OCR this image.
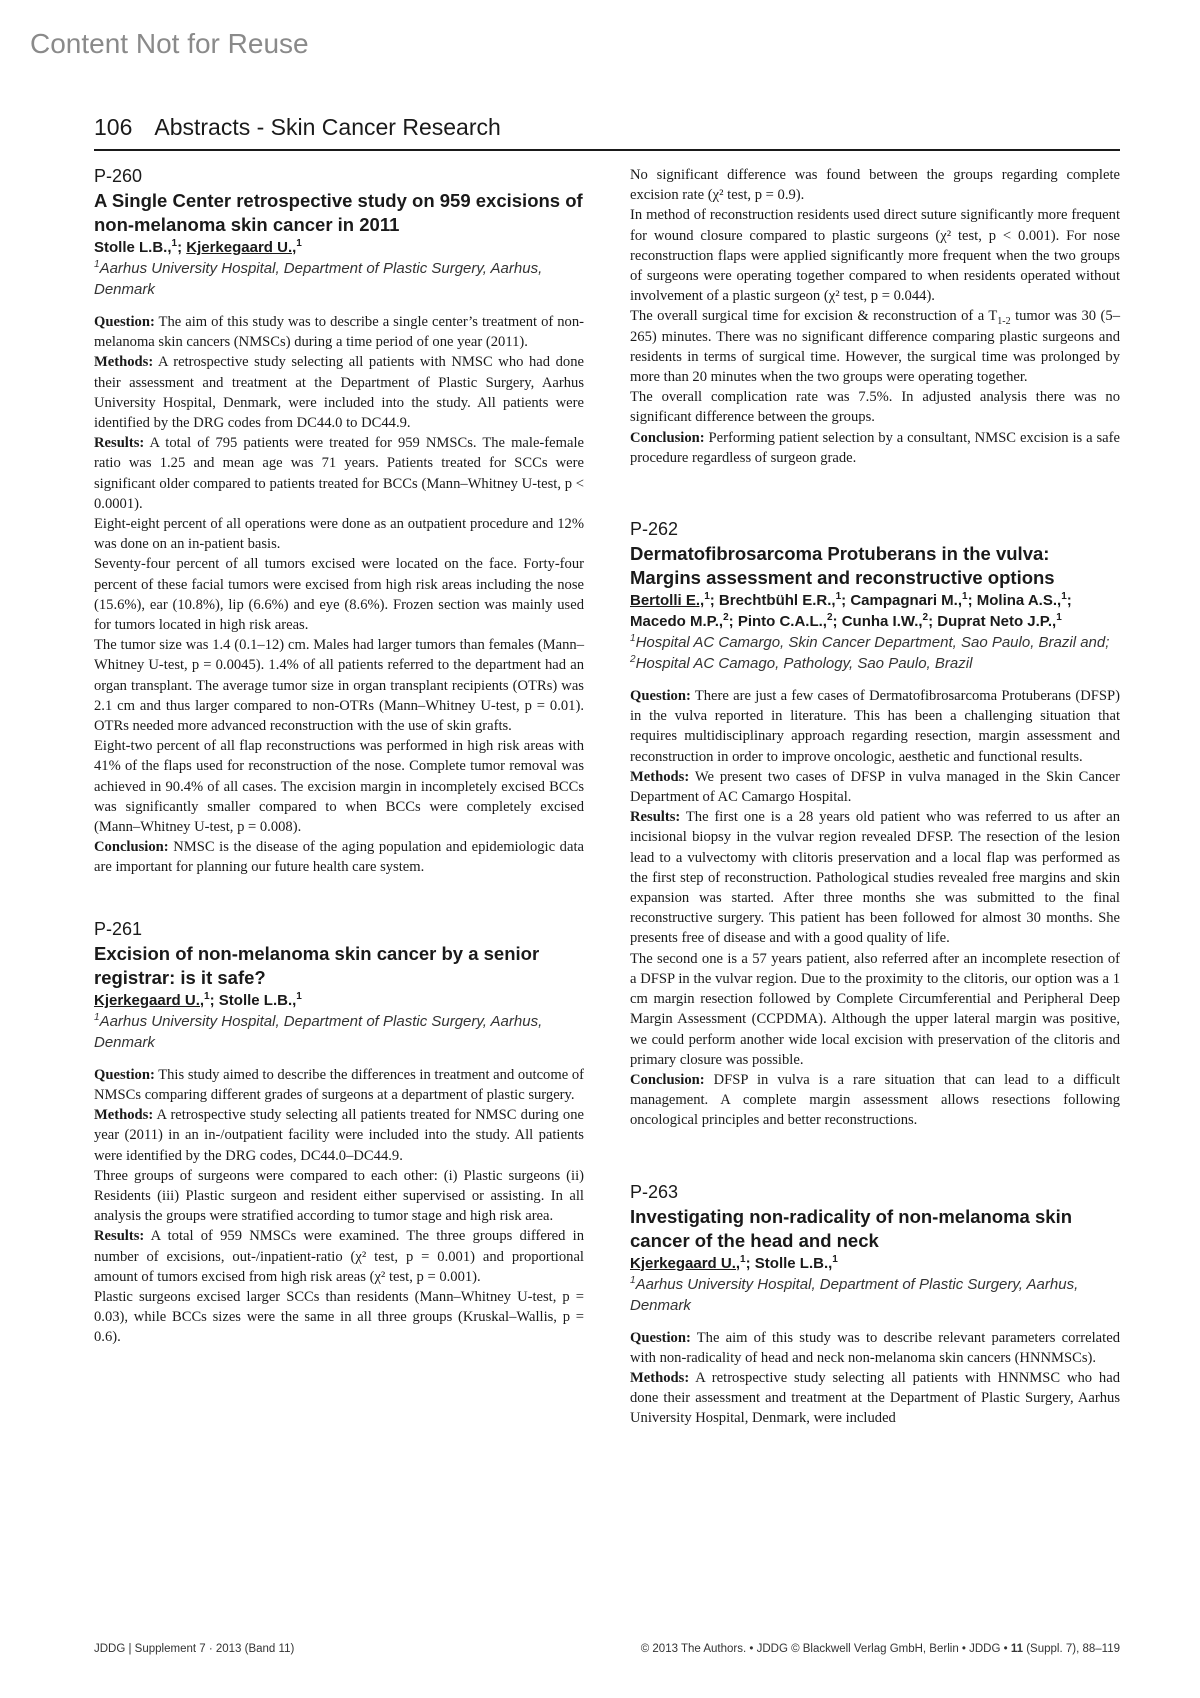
Content Not for Reuse
106 Abstracts - Skin Cancer Research
P-260
A Single Center retrospective study on 959 excisions of non-melanoma skin cancer in 2011
Stolle L.B.,$^1$; Kjerkegaard U.,$^1$
$^1$Aarhus University Hospital, Department of Plastic Surgery, Aarhus, Denmark

Question: The aim of this study was to describe a single center’s treatment of non-melanoma skin cancers (NMSCs) during a time period of one year (2011).

Methods: A retrospective study selecting all patients with NMSC who had done their assessment and treatment at the Department of Plastic Surgery, Aarhus University Hospital, Denmark, were included into the study. All patients were identified by the DRG codes from DC44.0 to DC44.9.

Results: A total of 795 patients were treated for 959 NMSCs. The male-female ratio was 1.25 and mean age was 71 years. Patients treated for SCCs were significant older compared to patients treated for BCCs (Mann–Whitney U-test, p < 0.0001).

Eight-eight percent of all operations were done as an outpatient procedure and 12% was done on an in-patient basis.

Seventy-four percent of all tumors excised were located on the face. Forty-four percent of these facial tumors were excised from high risk areas including the nose (15.6%), ear (10.8%), lip (6.6%) and eye (8.6%). Frozen section was mainly used for tumors located in high risk areas.

The tumor size was 1.4 (0.1–12) cm. Males had larger tumors than females (Mann–Whitney U-test, p = 0.0045). 1.4% of all patients referred to the department had an organ transplant. The average tumor size in organ transplant recipients (OTRs) was 2.1 cm and thus larger compared to non-OTRs (Mann–Whitney U-test, p = 0.01). OTRs needed more advanced reconstruction with the use of skin grafts.

Eight-two percent of all flap reconstructions was performed in high risk areas with 41% of the flaps used for reconstruction of the nose. Complete tumor removal was achieved in 90.4% of all cases. The excision margin in incompletely excised BCCs was significantly smaller compared to when BCCs were completely excised (Mann–Whitney U-test, p = 0.008).

Conclusion: NMSC is the disease of the aging population and epidemiologic data are important for planning our future health care system.

P-261
Excision of non-melanoma skin cancer by a senior registrar: is it safe?
Kjerkegaard U.,$^1$; Stolle L.B.,$^1$
$^1$Aarhus University Hospital, Department of Plastic Surgery, Aarhus, Denmark

Question: This study aimed to describe the differences in treatment and outcome of NMSCs comparing different grades of surgeons at a department of plastic surgery.

Methods: A retrospective study selecting all patients treated for NMSC during one year (2011) in an in-/outpatient facility were included into the study. All patients were identified by the DRG codes, DC44.0–DC44.9.

Three groups of surgeons were compared to each other: (i) Plastic surgeons (ii) Residents (iii) Plastic surgeon and resident either supervised or assisting. In all analysis the groups were stratified according to tumor stage and high risk area.

Results: A total of 959 NMSCs were examined. The three groups differed in number of excisions, out-/inpatient-ratio (χ² test, p = 0.001) and proportional amount of tumors excised from high risk areas (χ² test, p = 0.001).

Plastic surgeons excised larger SCCs than residents (Mann–Whitney U-test, p = 0.03), while BCCs sizes were the same in all three groups (Kruskal–Wallis, p = 0.6).

No significant difference was found between the groups regarding complete excision rate (χ² test, p = 0.9).

In method of reconstruction residents used direct suture significantly more frequent for wound closure compared to plastic surgeons (χ² test, p < 0.001). For nose reconstruction flaps were applied significantly more frequent when the two groups of surgeons were operating together compared to when residents operated without involvement of a plastic surgeon (χ² test, p = 0.044).

The overall surgical time for excision & reconstruction of a $T_{1-2}$ tumor was 30 (5–265) minutes. There was no significant difference comparing plastic surgeons and residents in terms of surgical time. However, the surgical time was prolonged by more than 20 minutes when the two groups were operating together.

The overall complication rate was 7.5%. In adjusted analysis there was no significant difference between the groups.

Conclusion: Performing patient selection by a consultant, NMSC excision is a safe procedure regardless of surgeon grade.

P-262
Dermatofibrosarcoma Protuberans in the vulva: Margins assessment and reconstructive options
Bertolli E.,$^1$; Brechtbühl E.R.,$^1$; Campagnari M.,$^1$; Molina A.S.,$^1$; Macedo M.P.,$^2$; Pinto C.A.L.,$^2$; Cunha I.W.,$^2$; Duprat Neto J.P.,$^1$
$^1$Hospital AC Camargo, Skin Cancer Department, Sao Paulo, Brazil and; $^2$Hospital AC Camago, Pathology, Sao Paulo, Brazil

Question: There are just a few cases of Dermatofibrosarcoma Protuberans (DFSP) in the vulva reported in literature. This has been a challenging situation that requires multidisciplinary approach regarding resection, margin assessment and reconstruction in order to improve oncologic, aesthetic and functional results.

Methods: We present two cases of DFSP in vulva managed in the Skin Cancer Department of AC Camargo Hospital.

Results: The first one is a 28 years old patient who was referred to us after an incisional biopsy in the vulvar region revealed DFSP. The resection of the lesion lead to a vulvectomy with clitoris preservation and a local flap was performed as the first step of reconstruction. Pathological studies revealed free margins and skin expansion was started. After three months she was submitted to the final reconstructive surgery. This patient has been followed for almost 30 months. She presents free of disease and with a good quality of life.

The second one is a 57 years patient, also referred after an incomplete resection of a DFSP in the vulvar region. Due to the proximity to the clitoris, our option was a 1 cm margin resection followed by Complete Circumferential and Peripheral Deep Margin Assessment (CCPDMA). Although the upper lateral margin was positive, we could perform another wide local excision with preservation of the clitoris and primary closure was possible.

Conclusion: DFSP in vulva is a rare situation that can lead to a difficult management. A complete margin assessment allows resections following oncological principles and better reconstructions.

P-263
Investigating non-radicality of non-melanoma skin cancer of the head and neck
Kjerkegaard U.,$^1$; Stolle L.B.,$^1$
$^1$Aarhus University Hospital, Department of Plastic Surgery, Aarhus, Denmark

Question: The aim of this study was to describe relevant parameters correlated with non-radicality of head and neck non-melanoma skin cancers (HNNMSCs).

Methods: A retrospective study selecting all patients with HNNMSC who had done their assessment and treatment at the Department of Plastic Surgery, Aarhus University Hospital, Denmark, were included

JDDG | Supplement 7 · 2013 (Band 11)	© 2013 The Authors. • JDDG © Blackwell Verlag GmbH, Berlin • JDDG • 11 (Suppl. 7), 88–119
